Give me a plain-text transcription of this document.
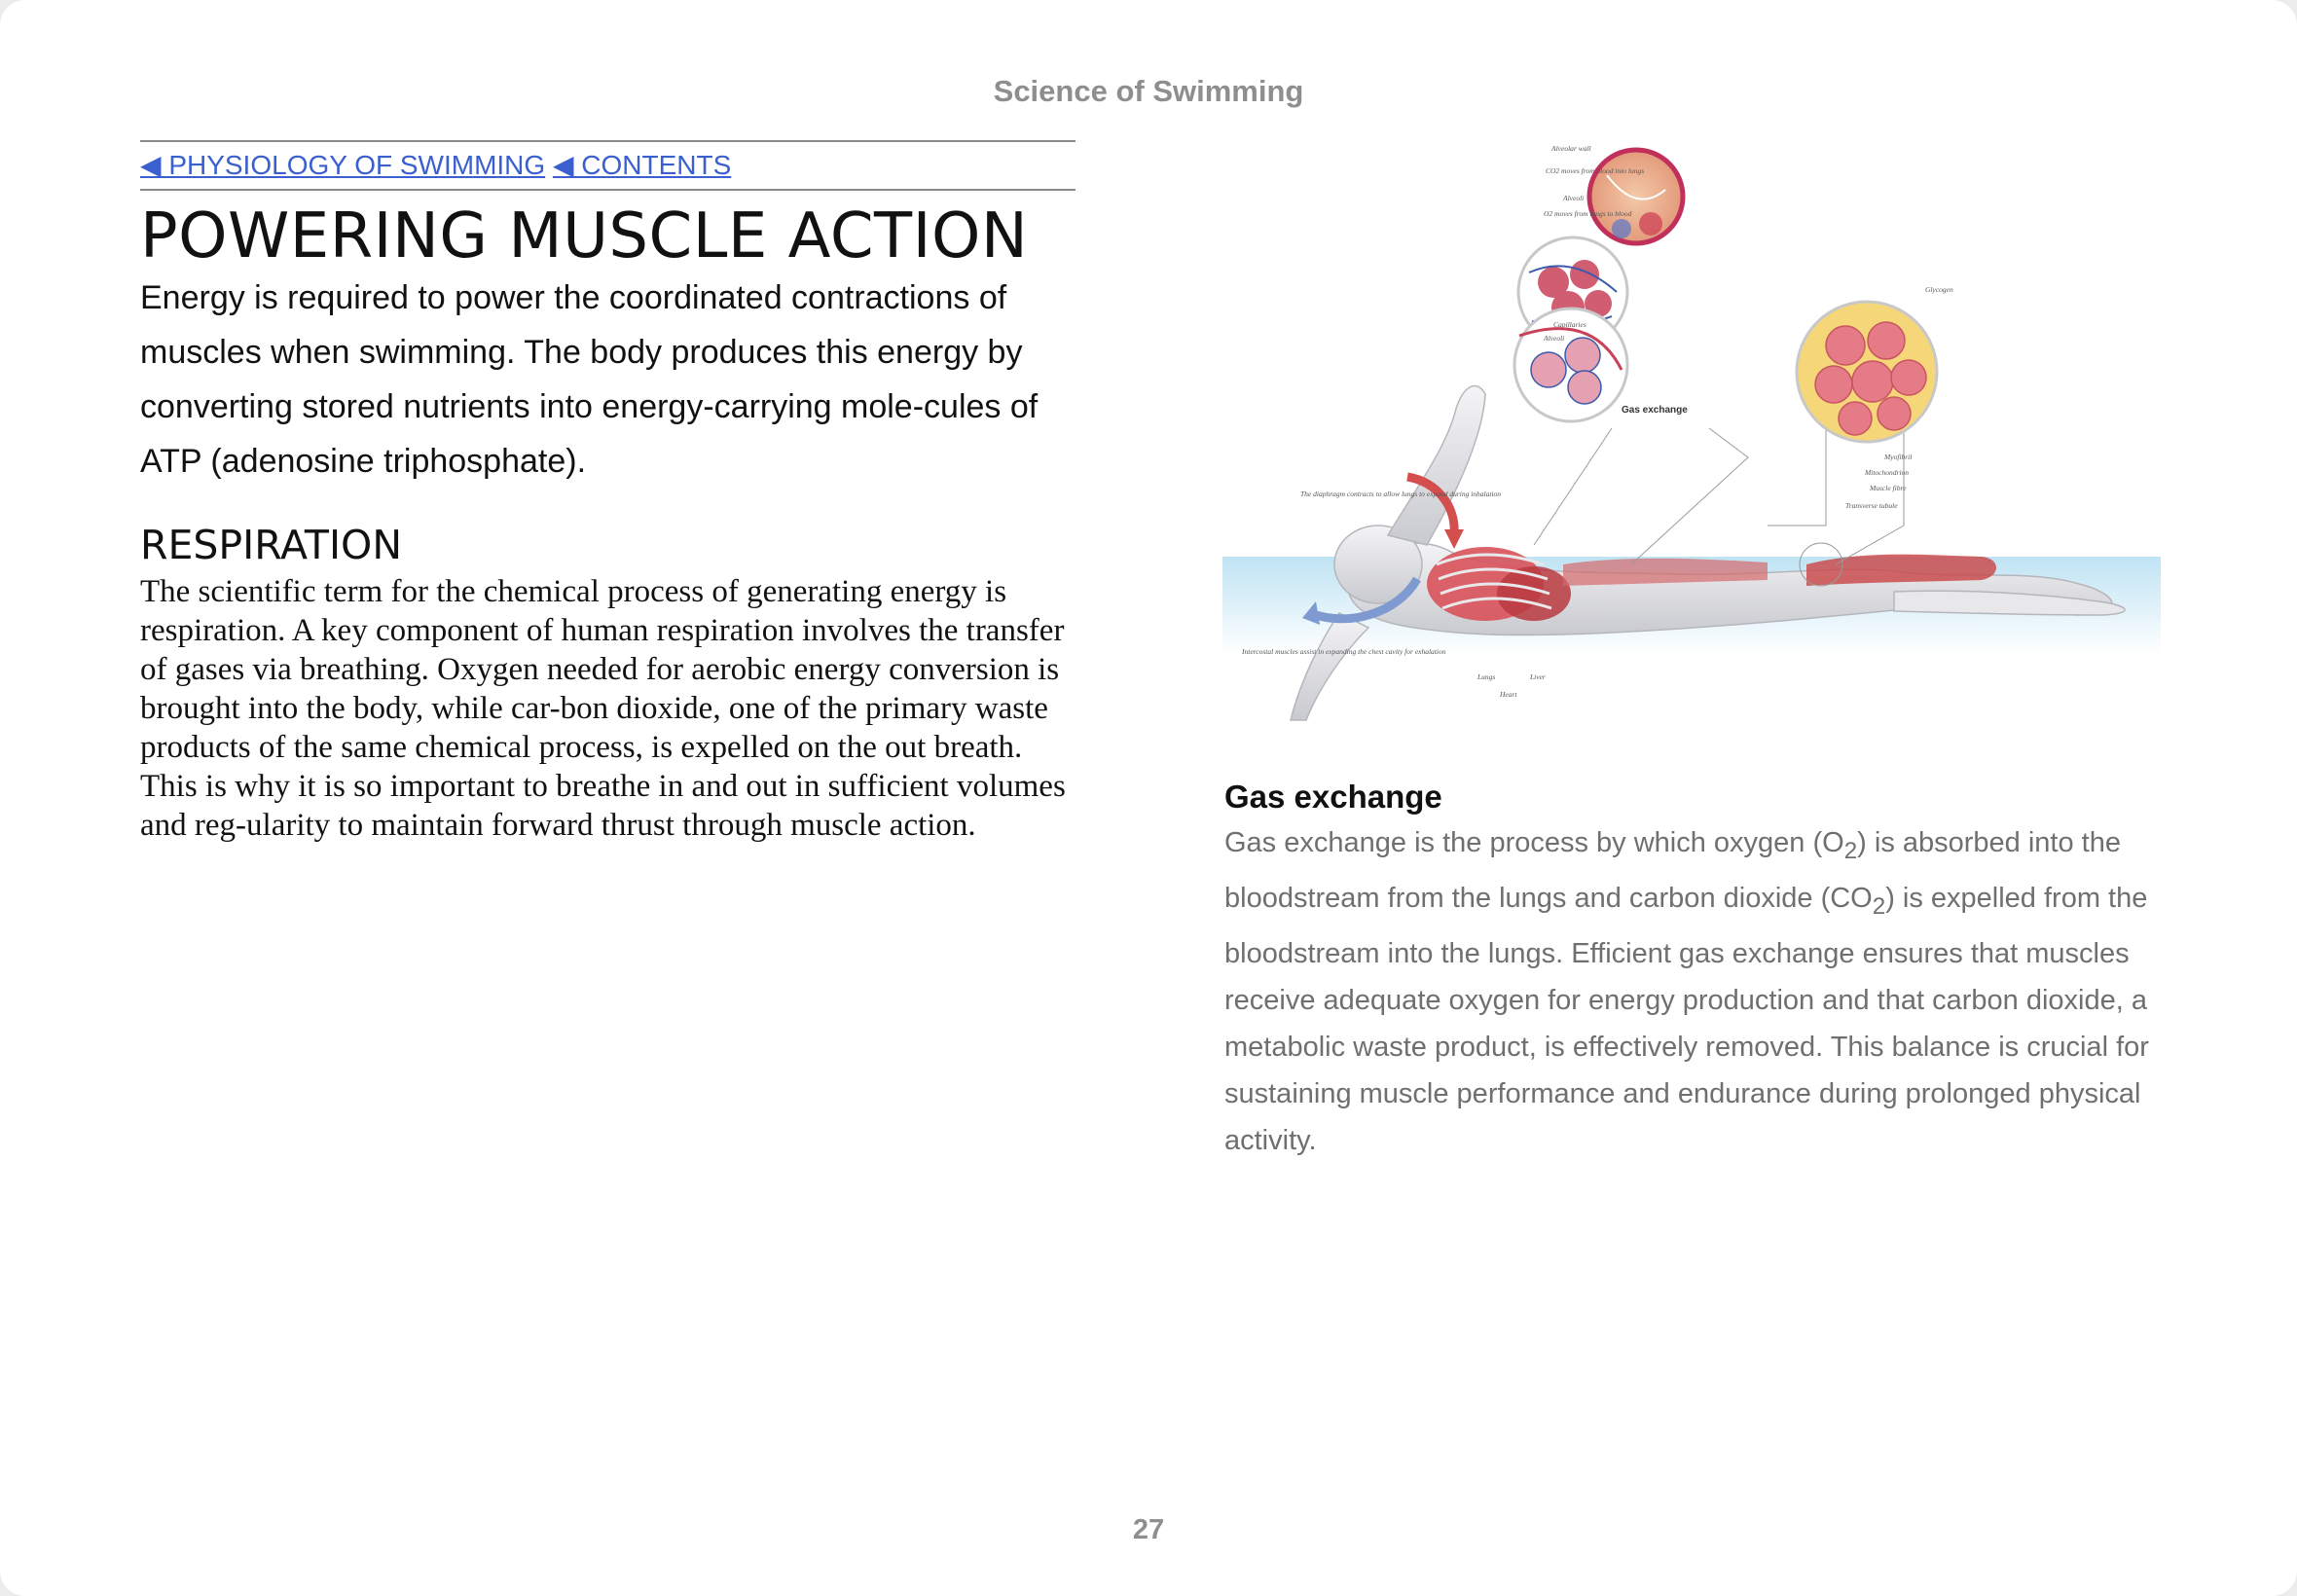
Science of Swimming
◀ PHYSIOLOGY OF SWIMMING ◀ CONTENTS
POWERING MUSCLE ACTION

Energy is required to power the coordinated contractions of muscles when swimming. The body produces this energy by converting stored nutrients into energy-carrying mole-cules of ATP (adenosine triphosphate).

RESPIRATION

The scientific term for the chemical process of generating energy is respiration. A key component of human respiration involves the transfer of gases via breathing. Oxygen needed for aerobic energy conversion is brought into the body, while car-bon dioxide, one of the primary waste products of the same chemical process, is expelled on the out breath. This is why it is so important to breathe in and out in sufficient volumes and reg-ularity to maintain forward thrust through muscle action.

Alveolar wall
CO2 moves from blood into lungs
Alveoli
O2 moves from lungs to blood
Capillaries
Alveoli
Glycogen
Myofibril
Mitochondrion
Muscle fibre
Transverse tubule
The diaphragm contracts to allow lungs to expand during inhalation
Intercostal muscles assist in expanding the chest cavity for exhalation
Lungs	Liver
Heart
Gas exchange
Gas exchange

Gas exchange is the process by which oxygen $(O_2)$ is absorbed into the bloodstream from the lungs and carbon dioxide $(CO_2)$ is expelled from the bloodstream into the lungs. Efficient gas exchange ensures that muscles receive adequate oxygen for energy production and that carbon dioxide, a metabolic waste product, is effectively removed. This balance is crucial for sustaining muscle performance and endurance during prolonged physical activity.

27
